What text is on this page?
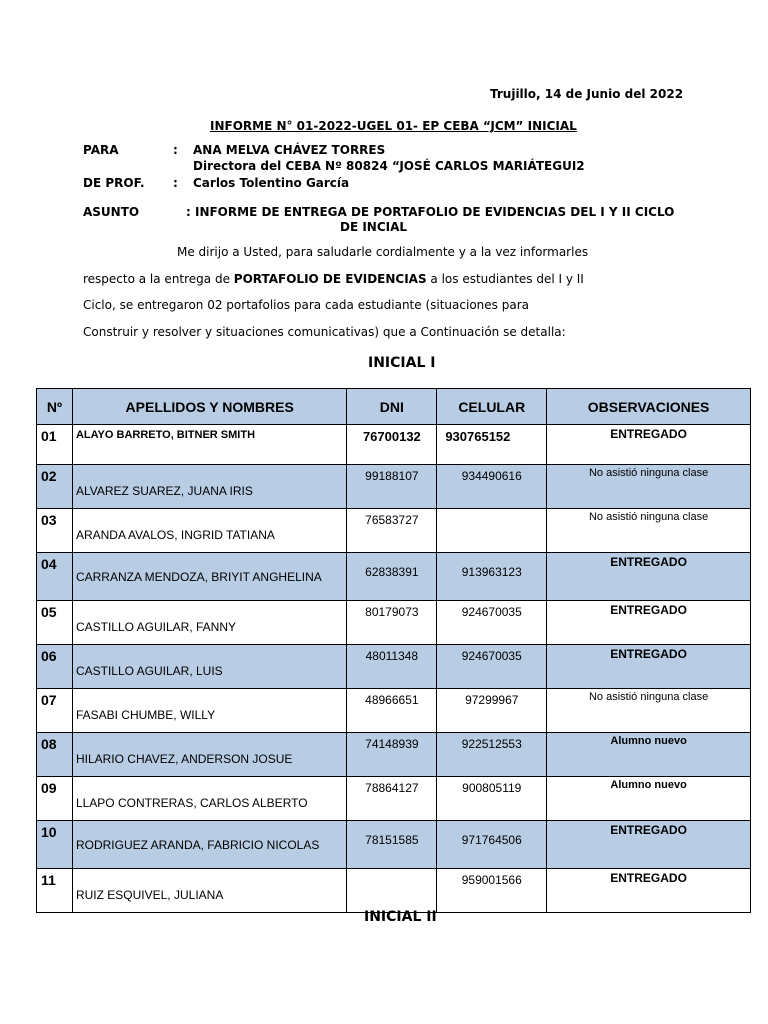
Trujillo, 14 de Junio del 2022
INFORME N° 01-2022-UGEL 01- EP CEBA “JCM” INICIAL
PARA	: ANA MELVA CHÁVEZ TORRES
Directora del CEBA Nº 80824 “JOSÉ CARLOS MARIÁTEGUI2
DE PROF. : Carlos Tolentino García
ASUNTO	: INFORME DE ENTREGA DE PORTAFOLIO DE EVIDENCIAS DEL I Y II CICLO
DE INCIAL
Me dirijo a Usted, para saludarle cordialmente y a la vez informarles
respecto a la entrega de PORTAFOLIO DE EVIDENCIAS a los estudiantes del I y II
Ciclo, se entregaron 02 portafolios para cada estudiante (situaciones para
Construir y resolver y situaciones comunicativas) que a Continuación se detalla:
INICIAL I
Nº	APELLIDOS Y NOMBRES	DNI	CELULAR	OBSERVACIONES
01	ALAYO BARRETO, BITNER SMITH	76700132	930765152	ENTREGADO
02	ALVAREZ SUAREZ, JUANA IRIS	99188107	934490616	No asistió ninguna clase
03	ARANDA AVALOS, INGRID TATIANA	76583727		No asistió ninguna clase
04	CARRANZA MENDOZA, BRIYIT ANGHELINA	62838391	913963123	ENTREGADO
05	CASTILLO AGUILAR, FANNY	80179073	924670035	ENTREGADO
06	CASTILLO AGUILAR, LUIS	48011348	924670035	ENTREGADO
07	FASABI CHUMBE, WILLY	48966651	97299967	No asistió ninguna clase
08	HILARIO CHAVEZ, ANDERSON JOSUE	74148939	922512553	Alumno nuevo
09	LLAPO CONTRERAS, CARLOS ALBERTO	78864127	900805119	Alumno nuevo
10	RODRIGUEZ ARANDA, FABRICIO NICOLAS	78151585	971764506	ENTREGADO
11	RUIZ ESQUIVEL, JULIANA		959001566	ENTREGADO
INICIAL II
